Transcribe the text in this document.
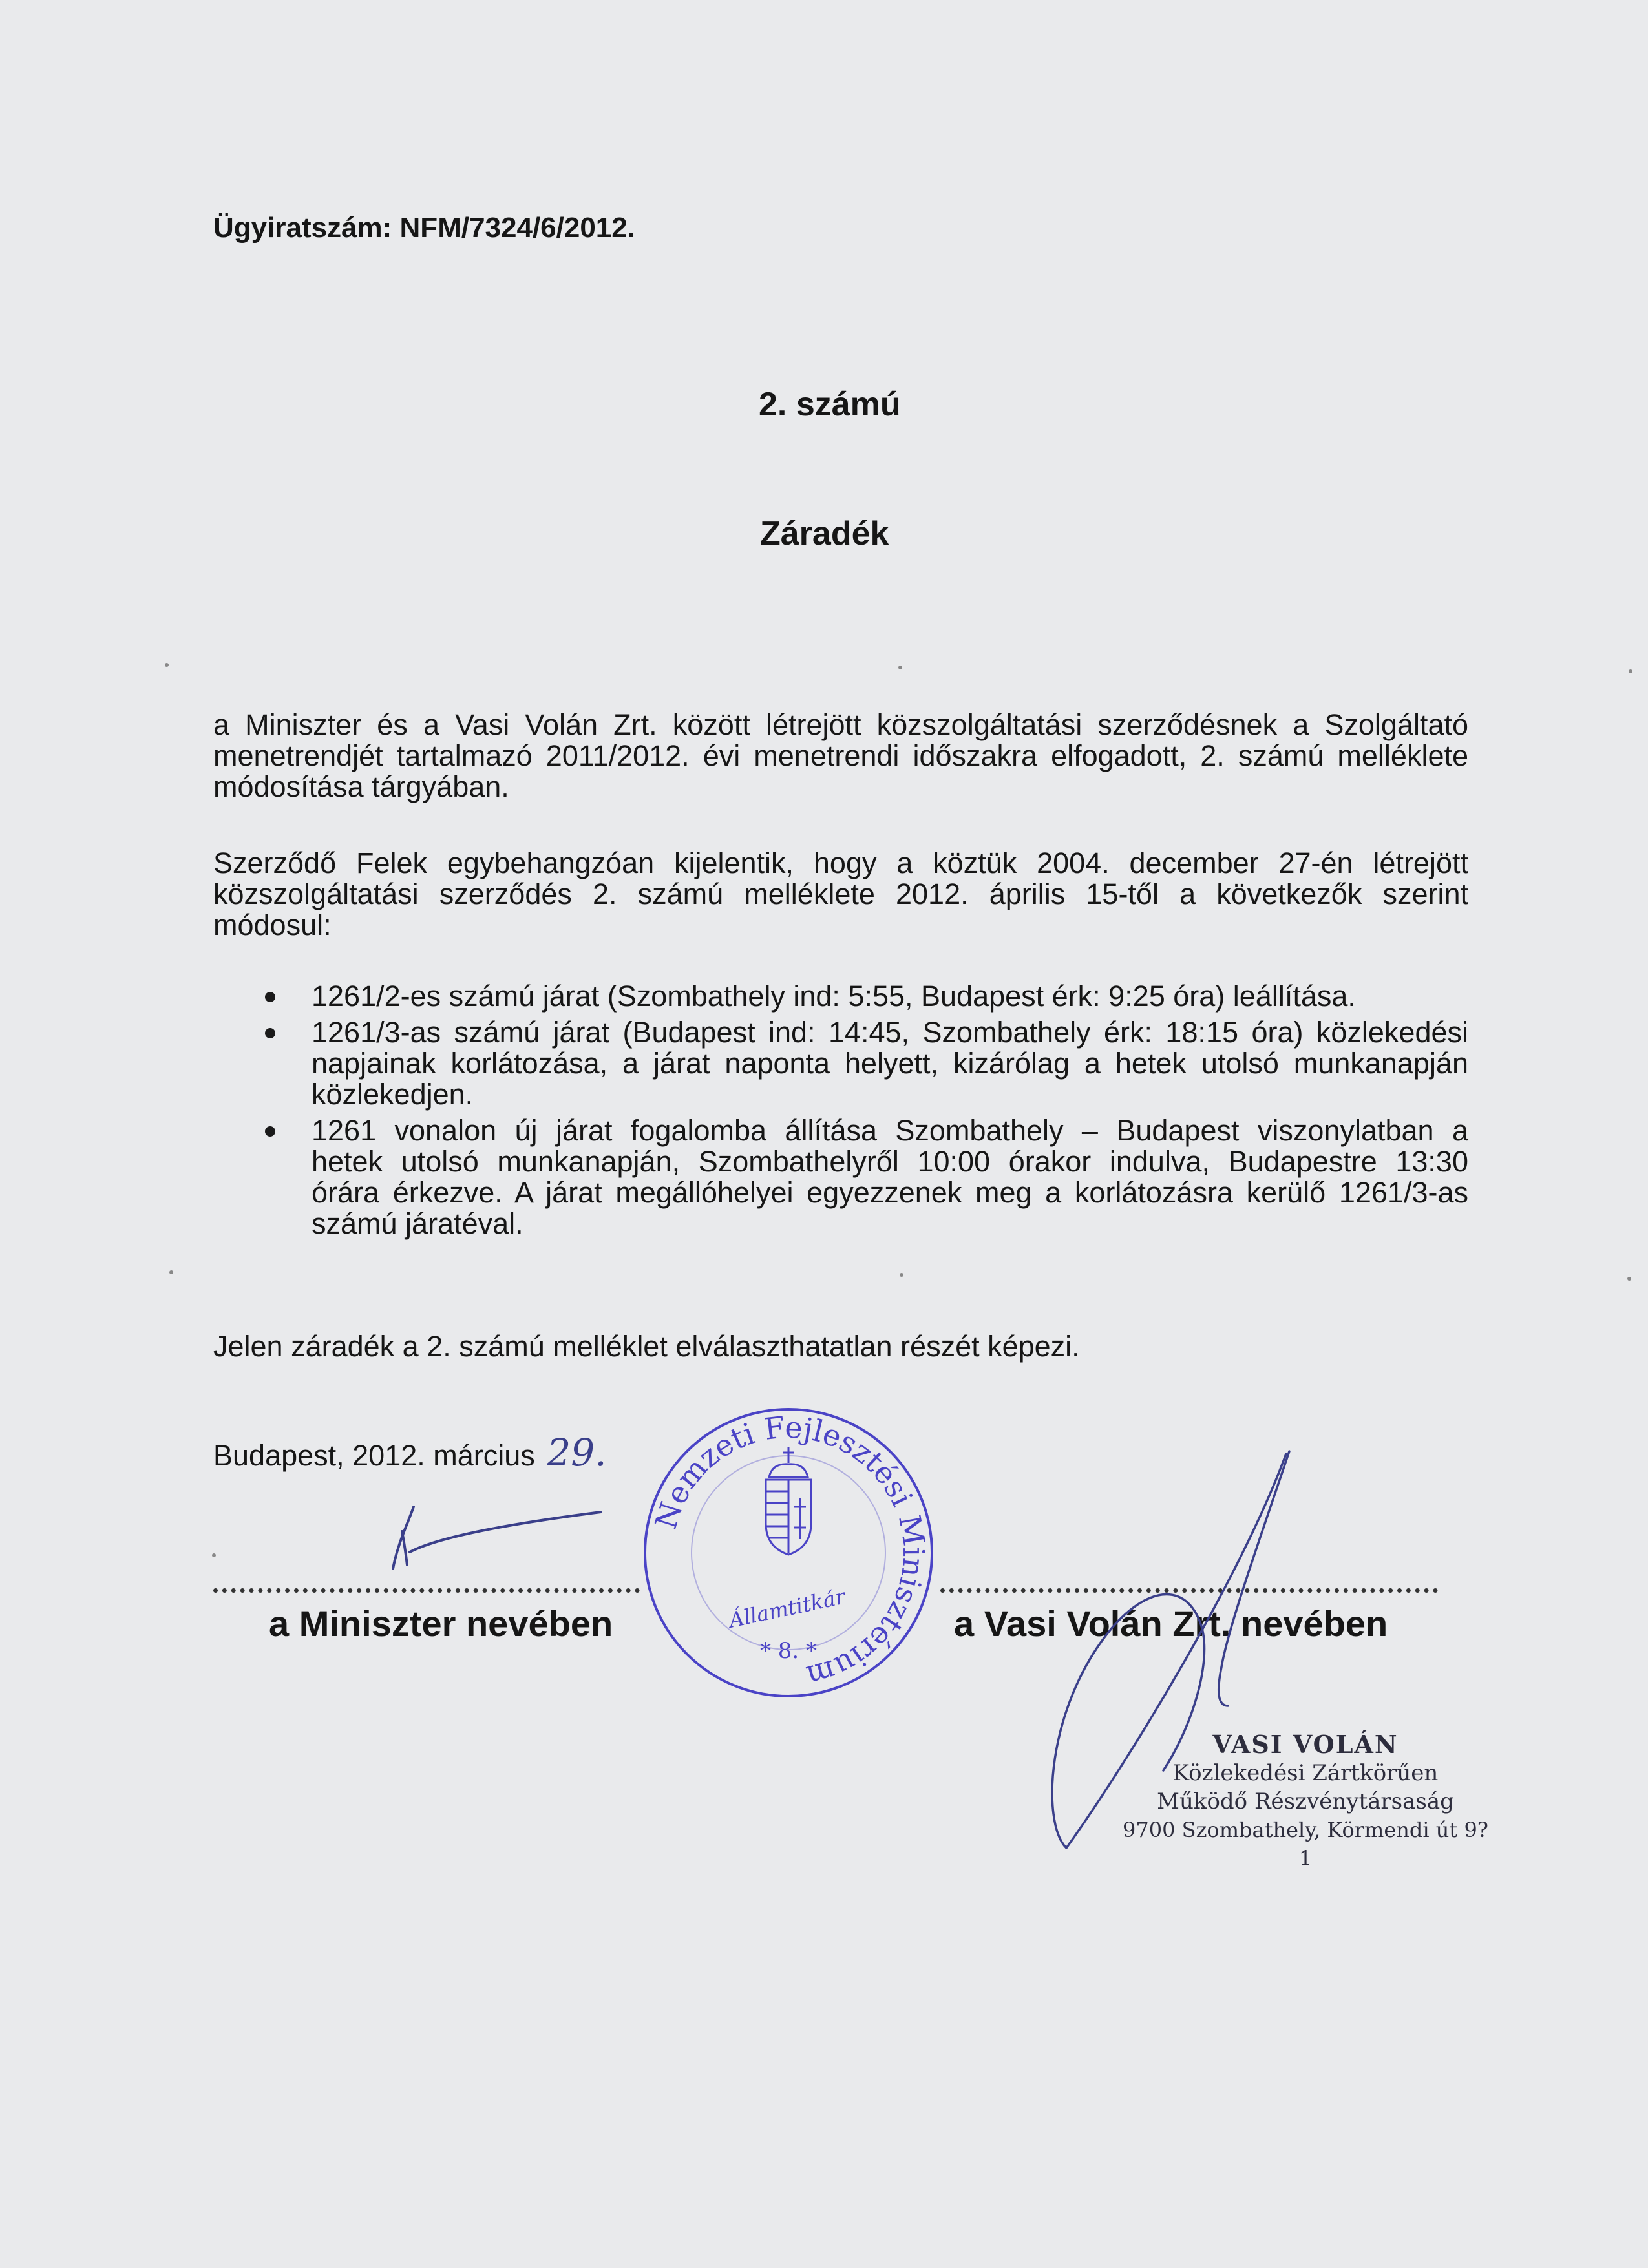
Ügyiratszám: NFM/7324/6/2012.
2. számú
Záradék
a Miniszter és a Vasi Volán Zrt. között létrejött közszolgáltatási szerződésnek a Szolgáltató
menetrendjét tartalmazó 2011/2012. évi menetrendi időszakra elfogadott, 2. számú melléklete
módosítása tárgyában.
Szerződő Felek egybehangzóan kijelentik, hogy a köztük 2004. december 27-én létrejött
közszolgáltatási szerződés 2. számú melléklete 2012. április 15-től a következők szerint
módosul:
1261/2-es számú járat (Szombathely ind: 5:55, Budapest érk: 9:25 óra) leállítása.
1261/3-as számú járat (Budapest ind: 14:45, Szombathely érk: 18:15 óra) közlekedési
napjainak korlátozása, a járat naponta helyett, kizárólag a hetek utolsó munkanapján
közlekedjen.
1261 vonalon új járat fogalomba állítása Szombathely – Budapest viszonylatban a
hetek utolsó munkanapján, Szombathelyről 10:00 órakor indulva, Budapestre 13:30
órára érkezve. A járat megállóhelyei egyezzenek meg a korlátozásra kerülő 1261/3-as
számú járatéval.
Jelen záradék a 2. számú melléklet elválaszthatatlan részét képezi.
Budapest, 2012. március 29.
a Miniszter nevében	a Vasi Volán Zrt. nevében
Nemzeti Fejlesztési Minisztérium
Államtitkár
* 8. *
VASI VOLÁN
Közlekedési Zártkörűen
Működő Részvénytársaság
9700 Szombathely, Körmendi út 9?
1
